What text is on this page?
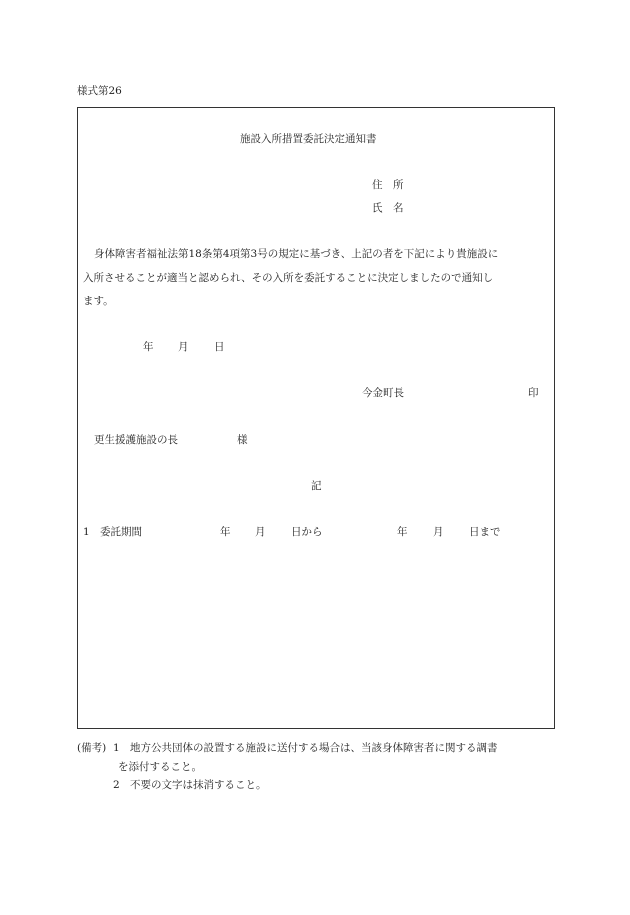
様式第26
施設入所措置委託決定通知書
住　所
氏　名
身体障害者福祉法第18条第4項第3号の規定に基づき、上記の者を下記により貴施設に
入所させることが適当と認められ、その入所を委託することに決定しましたので通知し
ます。
年 月 日
今金町長	印
更生援護施設の長	様
記
1 委託期間	年 月 日から	年 月 日まで
(備考) 1 地方公共団体の設置する施設に送付する場合は、当該身体障害者に関する調書
を添付すること。
2 不要の文字は抹消すること。
